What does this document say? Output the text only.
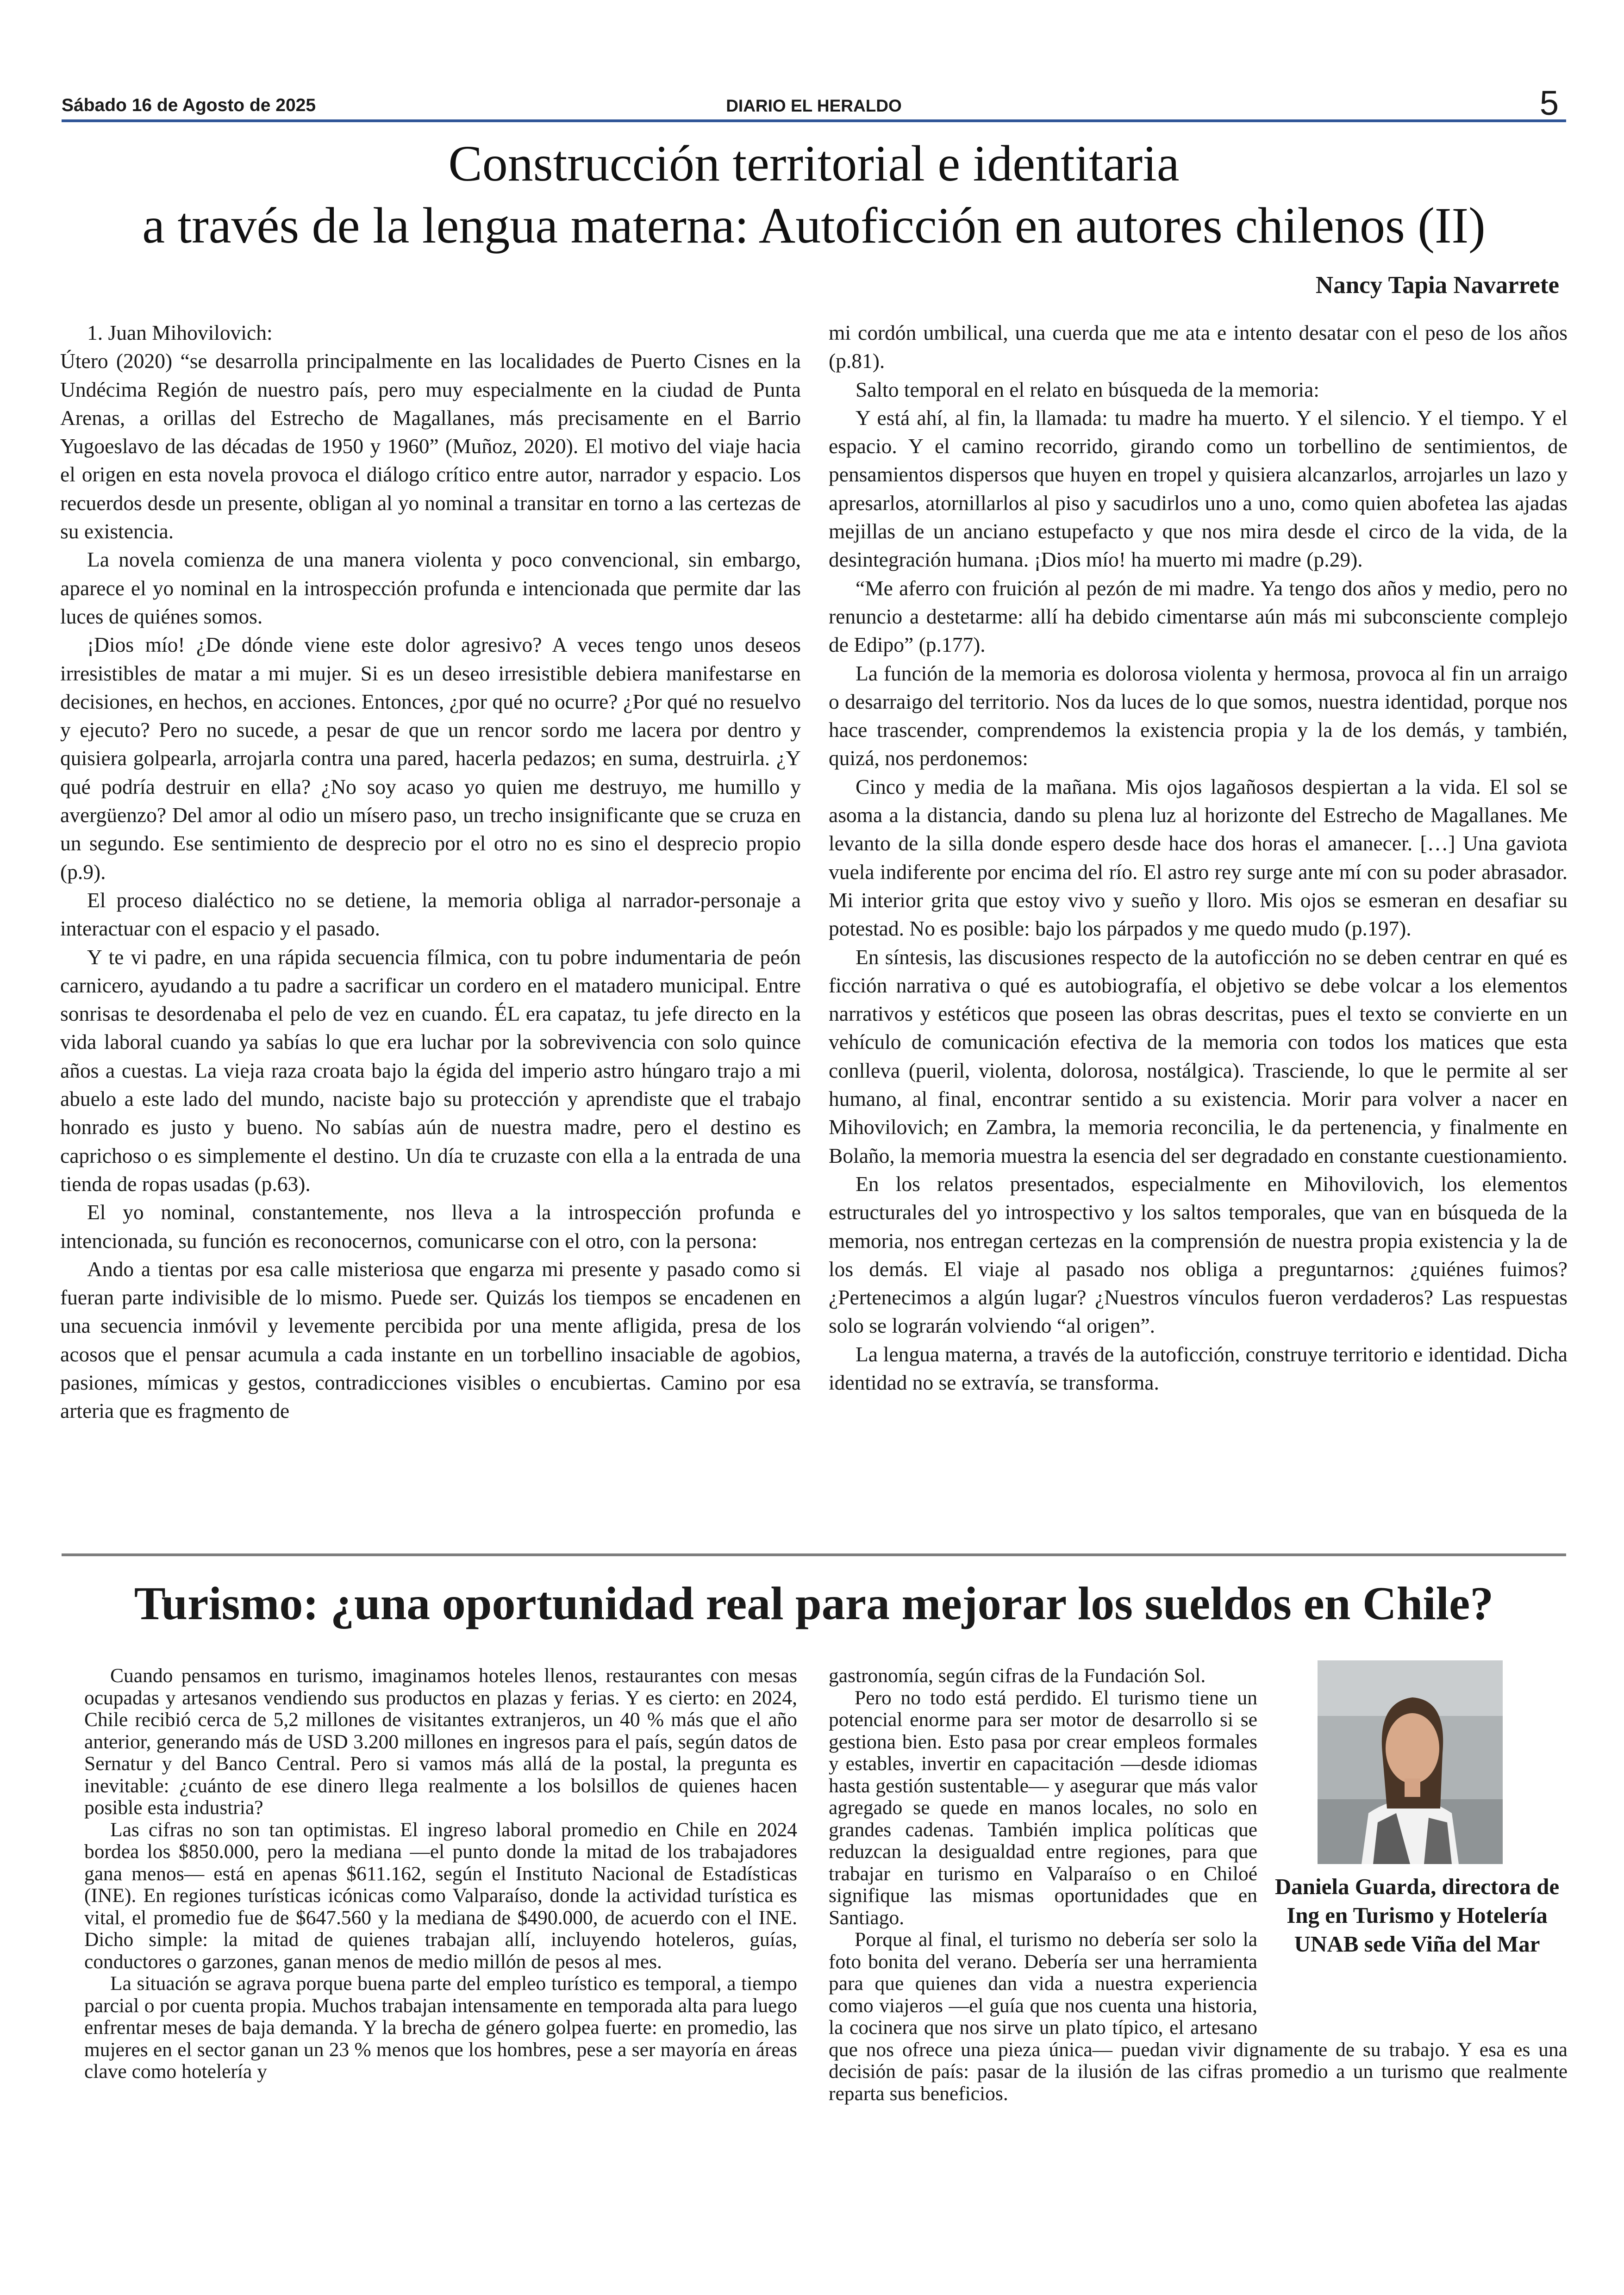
Sábado 16 de Agosto de 2025	DIARIO EL HERALDO	5
Construcción territorial e identitaria
a través de la lengua materna: Autoficción en autores chilenos (II)
Nancy Tapia Navarrete

1. Juan Mihovilovich:

Útero (2020) “se desarrolla principalmente en las localidades de Puerto Cisnes en la Undécima Región de nuestro país, pero muy especialmente en la ciudad de Punta Arenas, a orillas del Estrecho de Magallanes, más precisamente en el Barrio Yugoeslavo de las décadas de 1950 y 1960” (Muñoz, 2020). El motivo del viaje hacia el origen en esta novela provoca el diálogo crítico entre autor, narrador y espacio. Los recuerdos desde un presente, obligan al yo nominal a transitar en torno a las certezas de su existencia.

La novela comienza de una manera violenta y poco convencional, sin embargo, aparece el yo nominal en la introspección profunda e intencionada que permite dar las luces de quiénes somos.

¡Dios mío! ¿De dónde viene este dolor agresivo? A veces tengo unos deseos irresistibles de matar a mi mujer. Si es un deseo irresistible debiera manifestarse en decisiones, en hechos, en acciones. Entonces, ¿por qué no ocurre? ¿Por qué no resuelvo y ejecuto? Pero no sucede, a pesar de que un rencor sordo me lacera por dentro y quisiera golpearla, arrojarla contra una pared, hacerla pedazos; en suma, destruirla. ¿Y qué podría destruir en ella? ¿No soy acaso yo quien me destruyo, me humillo y avergüenzo? Del amor al odio un mísero paso, un trecho insignificante que se cruza en un segundo. Ese sentimiento de desprecio por el otro no es sino el desprecio propio (p.9).

El proceso dialéctico no se detiene, la memoria obliga al narrador-personaje a interactuar con el espacio y el pasado.

Y te vi padre, en una rápida secuencia fílmica, con tu pobre indumentaria de peón carnicero, ayudando a tu padre a sacrificar un cordero en el matadero municipal. Entre sonrisas te desordenaba el pelo de vez en cuando. ÉL era capataz, tu jefe directo en la vida laboral cuando ya sabías lo que era luchar por la sobrevivencia con solo quince años a cuestas. La vieja raza croata bajo la égida del imperio astro húngaro trajo a mi abuelo a este lado del mundo, naciste bajo su protección y aprendiste que el trabajo honrado es justo y bueno. No sabías aún de nuestra madre, pero el destino es caprichoso o es simplemente el destino. Un día te cruzaste con ella a la entrada de una tienda de ropas usadas (p.63).

El yo nominal, constantemente, nos lleva a la introspección profunda e intencionada, su función es reconocernos, comunicarse con el otro, con la persona:

Ando a tientas por esa calle misteriosa que engarza mi presente y pasado como si fueran parte indivisible de lo mismo. Puede ser. Quizás los tiempos se encadenen en una secuencia inmóvil y levemente percibida por una mente afligida, presa de los acosos que el pensar acumula a cada instante en un torbellino insaciable de agobios, pasiones, mímicas y gestos, contradicciones visibles o encubiertas. Camino por esa arteria que es fragmento de

mi cordón umbilical, una cuerda que me ata e intento desatar con el peso de los años (p.81).

Salto temporal en el relato en búsqueda de la memoria:

Y está ahí, al fin, la llamada: tu madre ha muerto. Y el silencio. Y el tiempo. Y el espacio. Y el camino recorrido, girando como un torbellino de sentimientos, de pensamientos dispersos que huyen en tropel y quisiera alcanzarlos, arrojarles un lazo y apresarlos, atornillarlos al piso y sacudirlos uno a uno, como quien abofetea las ajadas mejillas de un anciano estupefacto y que nos mira desde el circo de la vida, de la desintegración humana. ¡Dios mío! ha muerto mi madre (p.29).

“Me aferro con fruición al pezón de mi madre. Ya tengo dos años y medio, pero no renuncio a destetarme: allí ha debido cimentarse aún más mi subconsciente complejo de Edipo” (p.177).

La función de la memoria es dolorosa violenta y hermosa, provoca al fin un arraigo o desarraigo del territorio. Nos da luces de lo que somos, nuestra identidad, porque nos hace trascender, comprendemos la existencia propia y la de los demás, y también, quizá, nos perdonemos:

Cinco y media de la mañana. Mis ojos lagañosos despiertan a la vida. El sol se asoma a la distancia, dando su plena luz al horizonte del Estrecho de Magallanes. Me levanto de la silla donde espero desde hace dos horas el amanecer. […] Una gaviota vuela indiferente por encima del río. El astro rey surge ante mí con su poder abrasador. Mi interior grita que estoy vivo y sueño y lloro. Mis ojos se esmeran en desafiar su potestad. No es posible: bajo los párpados y me quedo mudo (p.197).

En síntesis, las discusiones respecto de la autoficción no se deben centrar en qué es ficción narrativa o qué es autobiografía, el objetivo se debe volcar a los elementos narrativos y estéticos que poseen las obras descritas, pues el texto se convierte en un vehículo de comunicación efectiva de la memoria con todos los matices que esta conlleva (pueril, violenta, dolorosa, nostálgica). Trasciende, lo que le permite al ser humano, al final, encontrar sentido a su existencia. Morir para volver a nacer en Mihovilovich; en Zambra, la memoria reconcilia, le da pertenencia, y finalmente en Bolaño, la memoria muestra la esencia del ser degradado en constante cuestionamiento.

En los relatos presentados, especialmente en Mihovilovich, los elementos estructurales del yo introspectivo y los saltos temporales, que van en búsqueda de la memoria, nos entregan certezas en la comprensión de nuestra propia existencia y la de los demás. El viaje al pasado nos obliga a preguntarnos: ¿quiénes fuimos? ¿Pertenecimos a algún lugar? ¿Nuestros vínculos fueron verdaderos? Las respuestas solo se lograrán volviendo “al origen”.

La lengua materna, a través de la autoficción, construye territorio e identidad. Dicha identidad no se extravía, se transforma.

Turismo: ¿una oportunidad real para mejorar los sueldos en Chile?

Cuando pensamos en turismo, imaginamos hoteles llenos, restaurantes con mesas ocupadas y artesanos vendiendo sus productos en plazas y ferias. Y es cierto: en 2024, Chile recibió cerca de 5,2 millones de visitantes extranjeros, un 40 % más que el año anterior, generando más de USD 3.200 millones en ingresos para el país, según datos de Sernatur y del Banco Central. Pero si vamos más allá de la postal, la pregunta es inevitable: ¿cuánto de ese dinero llega realmente a los bolsillos de quienes hacen posible esta industria?

Las cifras no son tan optimistas. El ingreso laboral promedio en Chile en 2024 bordea los $850.000, pero la mediana —el punto donde la mitad de los trabajadores gana menos— está en apenas $611.162, según el Instituto Nacional de Estadísticas (INE). En regiones turísticas icónicas como Valparaíso, donde la actividad turística es vital, el promedio fue de $647.560 y la mediana de $490.000, de acuerdo con el INE. Dicho simple: la mitad de quienes trabajan allí, incluyendo hoteleros, guías, conductores o garzones, ganan menos de medio millón de pesos al mes.

La situación se agrava porque buena parte del empleo turístico es temporal, a tiempo parcial o por cuenta propia. Muchos trabajan intensamente en temporada alta para luego enfrentar meses de baja demanda. Y la brecha de género golpea fuerte: en promedio, las mujeres en el sector ganan un 23 % menos que los hombres, pese a ser mayoría en áreas clave como hotelería y

Daniela Guarda, directora de Ing en Turismo y Hotelería UNAB sede Viña del Mar

gastronomía, según cifras de la Fundación Sol.

Pero no todo está perdido. El turismo tiene un potencial enorme para ser motor de desarrollo si se gestiona bien. Esto pasa por crear empleos formales y estables, invertir en capacitación —desde idiomas hasta gestión sustentable— y asegurar que más valor agregado se quede en manos locales, no solo en grandes cadenas. También implica políticas que reduzcan la desigualdad entre regiones, para que trabajar en turismo en Valparaíso o en Chiloé signifique las mismas oportunidades que en Santiago.

Porque al final, el turismo no debería ser solo la foto bonita del verano. Debería ser una herramienta para que quienes dan vida a nuestra experiencia como viajeros —el guía que nos cuenta una historia, la cocinera que nos sirve un plato típico, el artesano que nos ofrece una pieza única— puedan vivir dignamente de su trabajo. Y esa es una decisión de país: pasar de la ilusión de las cifras promedio a un turismo que realmente reparta sus beneficios.
